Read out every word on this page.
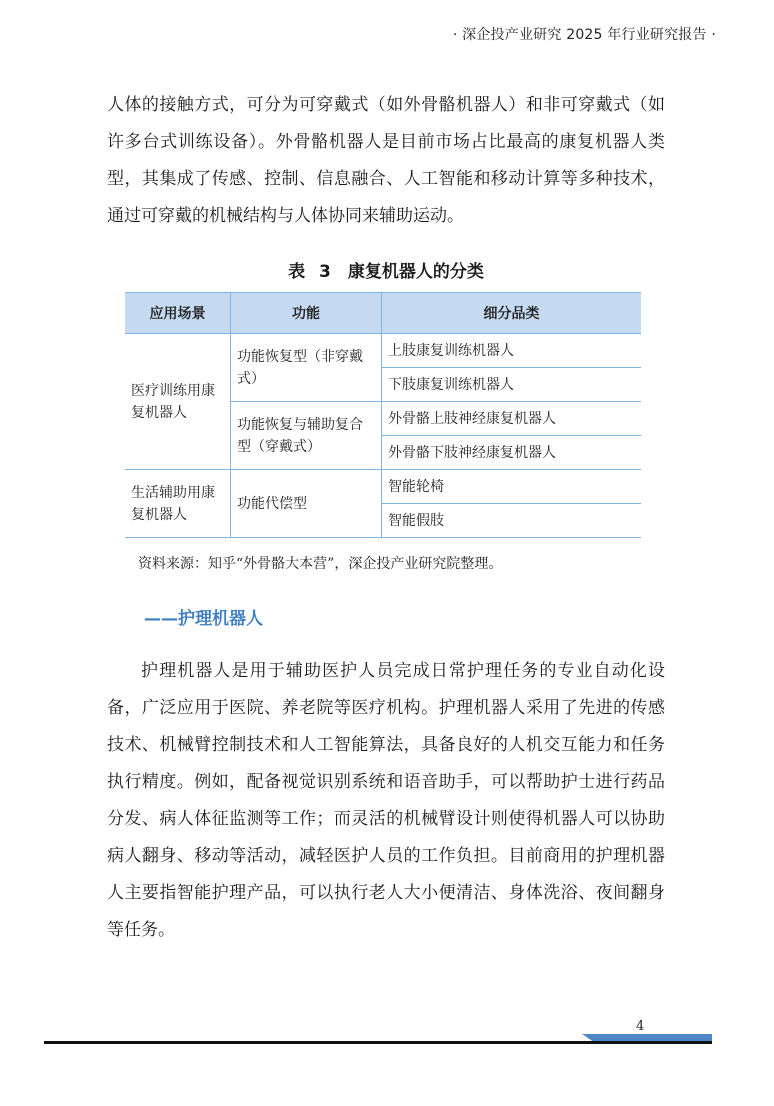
· 深企投产业研究 2025 年行业研究报告 ·

人体的接触方式，可分为可穿戴式（如外骨骼机器人）和非可穿戴式（如许多台式训练设备）。外骨骼机器人是目前市场占比最高的康复机器人类型，其集成了传感、控制、信息融合、人工智能和移动计算等多种技术，通过可穿戴的机械结构与人体协同来辅助运动。

表 3　康复机器人的分类
应用场景	功能	细分品类
医疗训练用康复机器人	功能恢复型（非穿戴式）	上肢康复训练机器人
		下肢康复训练机器人
	功能恢复与辅助复合型（穿戴式）	外骨骼上肢神经康复机器人
		外骨骼下肢神经康复机器人
生活辅助用康复机器人	功能代偿型	智能轮椅
		智能假肢
资料来源：知乎“外骨骼大本营”，深企投产业研究院整理。
——护理机器人

护理机器人是用于辅助医护人员完成日常护理任务的专业自动化设备，广泛应用于医院、养老院等医疗机构。护理机器人采用了先进的传感技术、机械臂控制技术和人工智能算法，具备良好的人机交互能力和任务执行精度。例如，配备视觉识别系统和语音助手，可以帮助护士进行药品分发、病人体征监测等工作；而灵活的机械臂设计则使得机器人可以协助病人翻身、移动等活动，减轻医护人员的工作负担。目前商用的护理机器人主要指智能护理产品，可以执行老人大小便清洁、身体洗浴、夜间翻身等任务。

4
